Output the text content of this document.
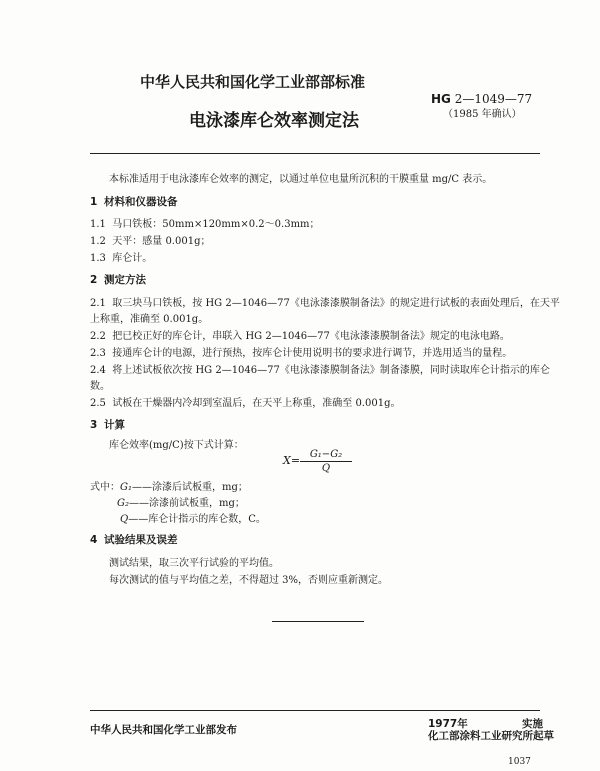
中华人民共和国化学工业部部标准
HG 2—1049—77
（1985 年确认）
电泳漆库仑效率测定法
本标准适用于电泳漆库仑效率的测定，以通过单位电量所沉积的干膜重量 mg/C 表示。
1 材料和仪器设备
1.1 马口铁板：50mm×120mm×0.2～0.3mm；
1.2 天平：感量 0.001g；
1.3 库仑计。
2 测定方法
2.1 取三块马口铁板，按 HG 2—1046—77《电泳漆漆膜制备法》的规定进行试板的表面处理后，在天平
上称重，准确至 0.001g。
2.2 把已校正好的库仑计，串联入 HG 2—1046—77《电泳漆漆膜制备法》规定的电泳电路。
2.3 接通库仑计的电源，进行预热，按库仑计使用说明书的要求进行调节，并选用适当的量程。
2.4 将上述试板依次按 HG 2—1046—77《电泳漆漆膜制备法》制备漆膜，同时读取库仑计指示的库仑
数。
2.5 试板在干燥器内冷却到室温后，在天平上称重，准确至 0.001g。
3 计算
库仑效率(mg/C)按下式计算：
$X= \frac{\text{G₁−G₂}}{Q}$
式中：G₁——涂漆后试板重，mg；
G₂——涂漆前试板重，mg；
Q——库仑计指示的库仑数，C。
4 试验结果及误差
测试结果，取三次平行试验的平均值。
每次测试的值与平均值之差，不得超过 3%，否则应重新测定。
中华人民共和国化学工业部发布	1977年	实施
化工部涂料工业研究所起草
1037
